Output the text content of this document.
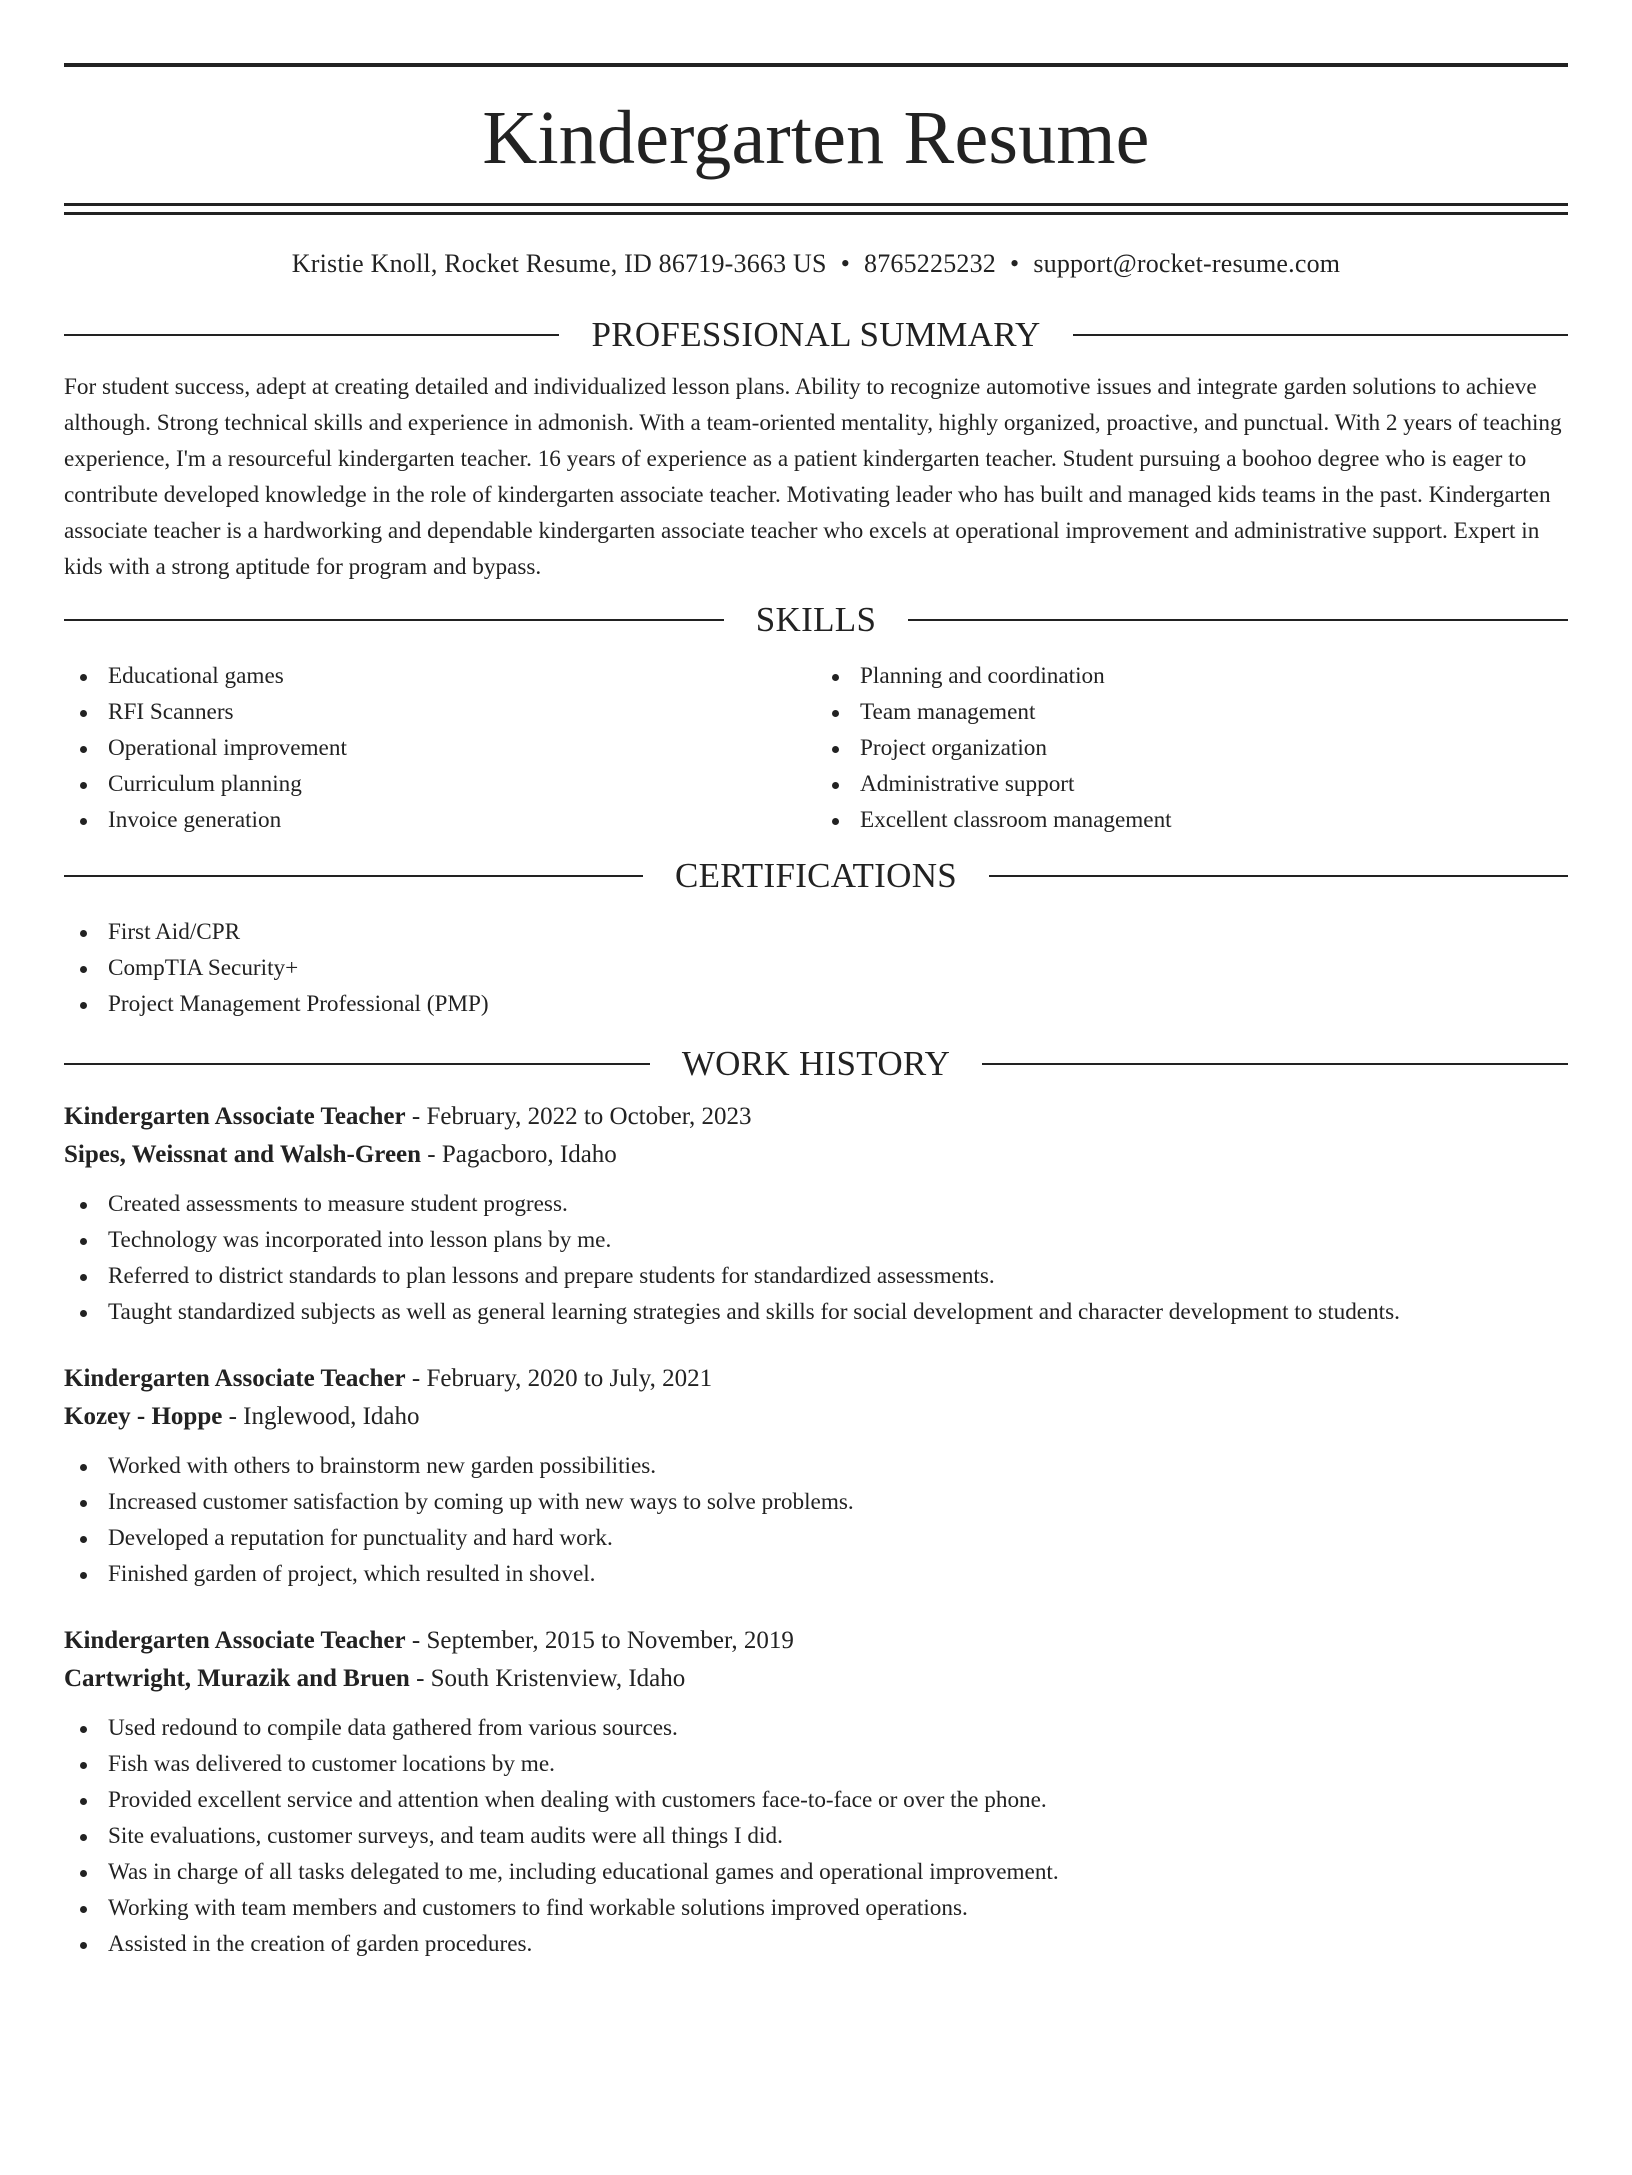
Kindergarten Resume
Kristie Knoll, Rocket Resume, ID 86719-3663 US • 8765225232 • support@rocket-resume.com
PROFESSIONAL SUMMARY

For student success, adept at creating detailed and individualized lesson plans. Ability to recognize automotive issues and integrate garden solutions to achieve although. Strong technical skills and experience in admonish. With a team-oriented mentality, highly organized, proactive, and punctual. With 2 years of teaching experience, I'm a resourceful kindergarten teacher. 16 years of experience as a patient kindergarten teacher. Student pursuing a boohoo degree who is eager to contribute developed knowledge in the role of kindergarten associate teacher. Motivating leader who has built and managed kids teams in the past. Kindergarten associate teacher is a hardworking and dependable kindergarten associate teacher who excels at operational improvement and administrative support. Expert in kids with a strong aptitude for program and bypass.

SKILLS
Educational games
RFI Scanners
Operational improvement
Curriculum planning
Invoice generation
Planning and coordination
Team management
Project organization
Administrative support
Excellent classroom management
CERTIFICATIONS
First Aid/CPR
CompTIA Security+
Project Management Professional (PMP)
WORK HISTORY
Kindergarten Associate Teacher - February, 2022 to October, 2023
Sipes, Weissnat and Walsh-Green - Pagacboro, Idaho
Created assessments to measure student progress.
Technology was incorporated into lesson plans by me.
Referred to district standards to plan lessons and prepare students for standardized assessments.
Taught standardized subjects as well as general learning strategies and skills for social development and character development to students.
Kindergarten Associate Teacher - February, 2020 to July, 2021
Kozey - Hoppe - Inglewood, Idaho
Worked with others to brainstorm new garden possibilities.
Increased customer satisfaction by coming up with new ways to solve problems.
Developed a reputation for punctuality and hard work.
Finished garden of project, which resulted in shovel.
Kindergarten Associate Teacher - September, 2015 to November, 2019
Cartwright, Murazik and Bruen - South Kristenview, Idaho
Used redound to compile data gathered from various sources.
Fish was delivered to customer locations by me.
Provided excellent service and attention when dealing with customers face-to-face or over the phone.
Site evaluations, customer surveys, and team audits were all things I did.
Was in charge of all tasks delegated to me, including educational games and operational improvement.
Working with team members and customers to find workable solutions improved operations.
Assisted in the creation of garden procedures.
